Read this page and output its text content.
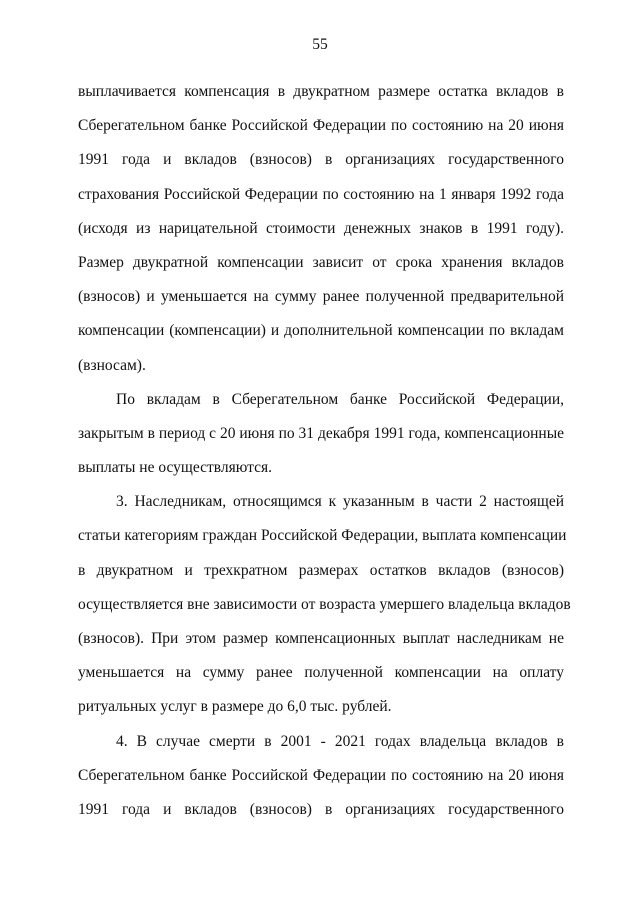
55
выплачивается компенсация в двукратном размере остатка вкладов в
Сберегательном банке Российской Федерации по состоянию на 20 июня
1991 года и вкладов (взносов) в организациях государственного
страхования Российской Федерации по состоянию на 1 января 1992 года
(исходя из нарицательной стоимости денежных знаков в 1991 году).
Размер двукратной компенсации зависит от срока хранения вкладов
(взносов) и уменьшается на сумму ранее полученной предварительной
компенсации (компенсации) и дополнительной компенсации по вкладам
(взносам).
По вкладам в Сберегательном банке Российской Федерации,
закрытым в период с 20 июня по 31 декабря 1991 года, компенсационные
выплаты не осуществляются.
3. Наследникам, относящимся к указанным в части 2 настоящей
статьи категориям граждан Российской Федерации, выплата компенсации
в двукратном и трехкратном размерах остатков вкладов (взносов)
осуществляется вне зависимости от возраста умершего владельца вкладов
(взносов). При этом размер компенсационных выплат наследникам не
уменьшается на сумму ранее полученной компенсации на оплату
ритуальных услуг в размере до 6,0 тыс. рублей.
4. В случае смерти в 2001 - 2021 годах владельца вкладов в
Сберегательном банке Российской Федерации по состоянию на 20 июня
1991 года и вкладов (взносов) в организациях государственного
